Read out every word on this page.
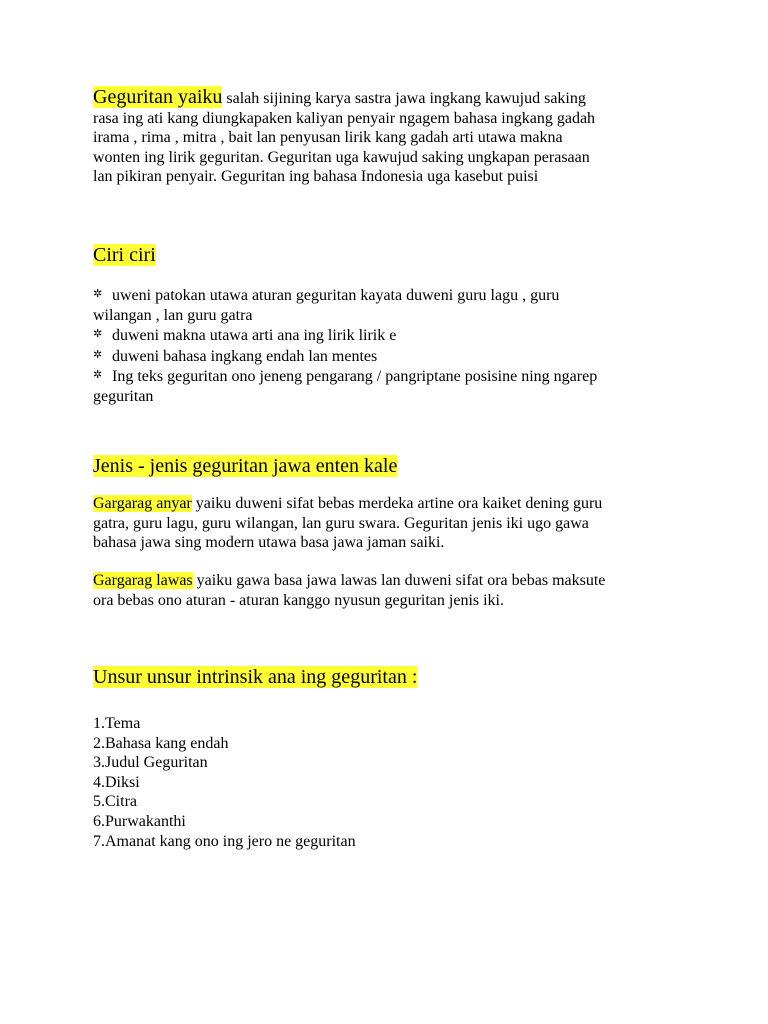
Geguritan yaiku salah sijining karya sastra jawa ingkang kawujud saking

rasa ing ati kang diungkapaken kaliyan penyair ngagem bahasa ingkang gadah

irama , rima , mitra , bait lan penyusan lirik kang gadah arti utawa makna

wonten ing lirik geguritan. Geguritan uga kawujud saking ungkapan perasaan

lan pikiran penyair. Geguritan ing bahasa Indonesia uga kasebut puisi

Ciri ciri

✲ uweni patokan utawa aturan geguritan kayata duweni guru lagu , guru

wilangan , lan guru gatra

✲ duweni makna utawa arti ana ing lirik lirik e

✲ duweni bahasa ingkang endah lan mentes

✲ Ing teks geguritan ono jeneng pengarang / pangriptane posisine ning ngarep

geguritan

Jenis - jenis geguritan jawa enten kale

Gargarag anyar yaiku duweni sifat bebas merdeka artine ora kaiket dening guru

gatra, guru lagu, guru wilangan, lan guru swara. Geguritan jenis iki ugo gawa

bahasa jawa sing modern utawa basa jawa jaman saiki.

Gargarag lawas yaiku gawa basa jawa lawas lan duweni sifat ora bebas maksute

ora bebas ono aturan - aturan kanggo nyusun geguritan jenis iki.

Unsur unsur intrinsik ana ing geguritan :

1.Tema

2.Bahasa kang endah

3.Judul Geguritan

4.Diksi

5.Citra

6.Purwakanthi

7.Amanat kang ono ing jero ne geguritan
